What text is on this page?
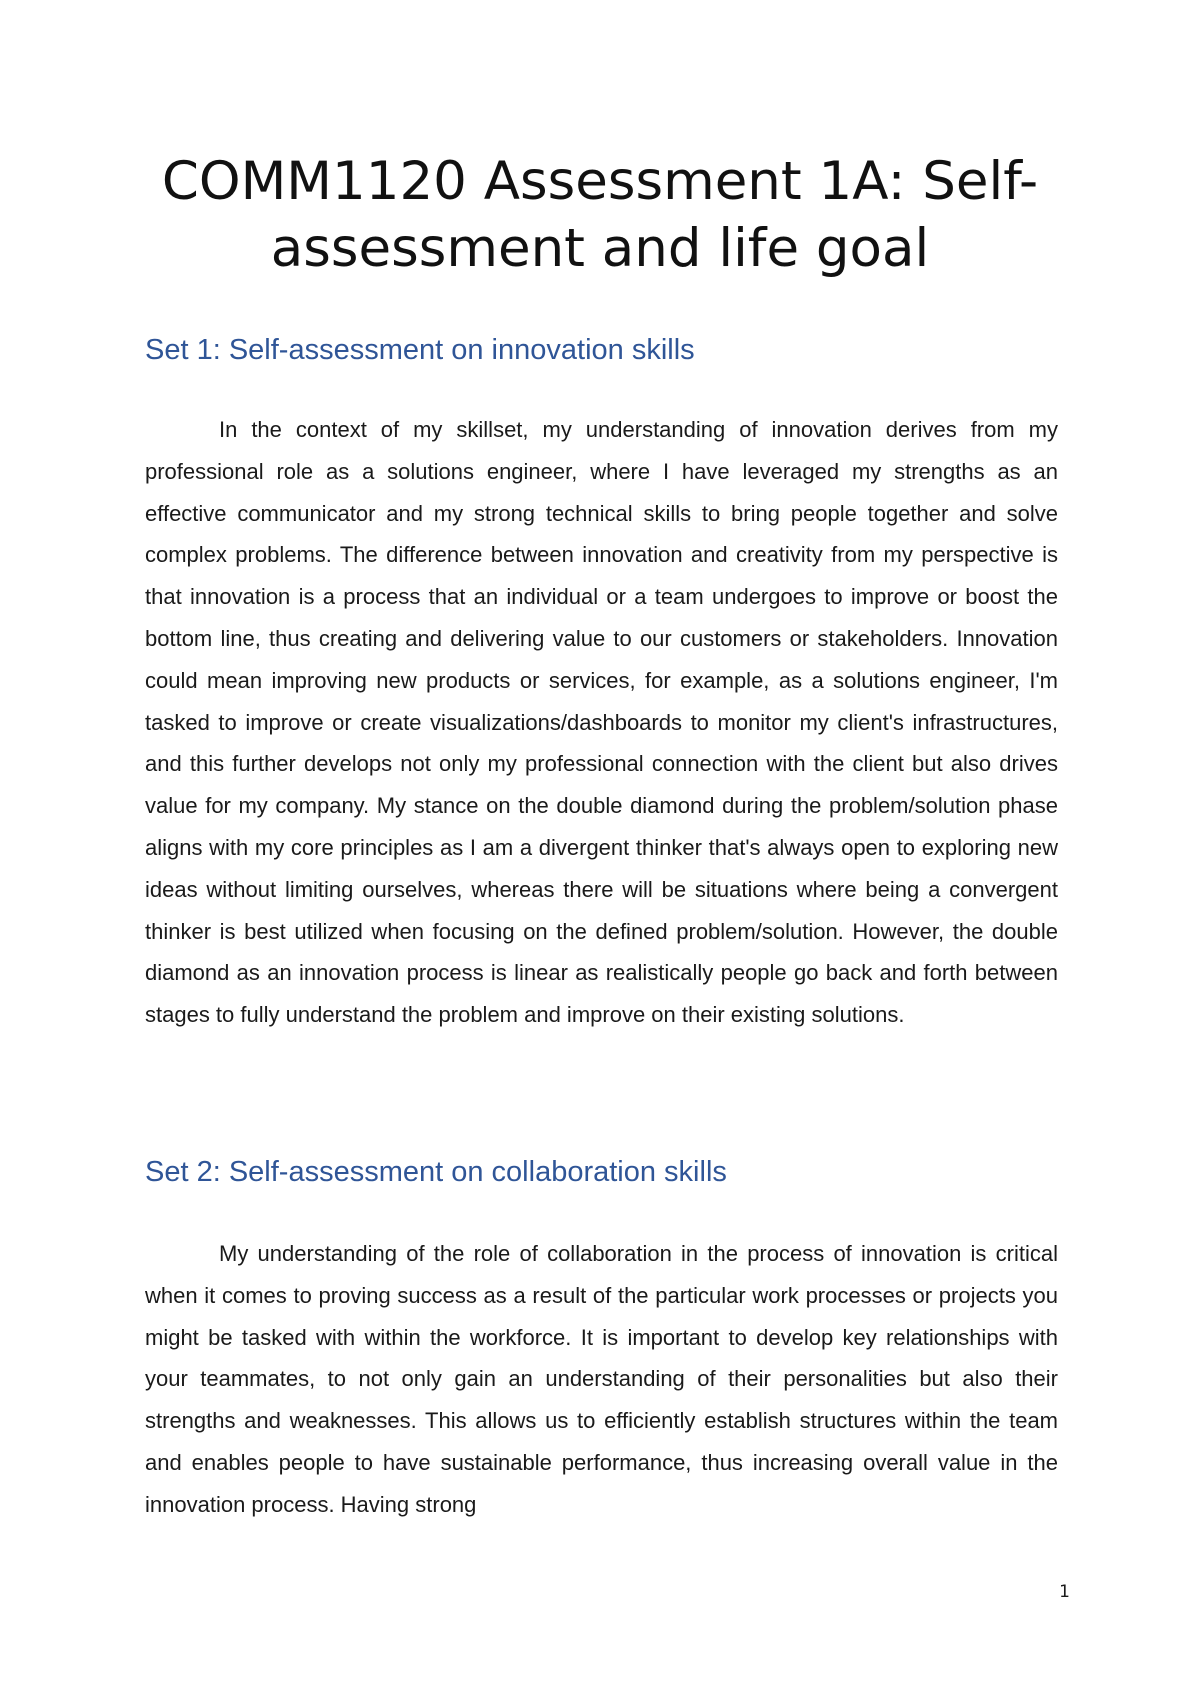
COMM1120 Assessment 1A: Self-assessment and life goal
Set 1: Self-assessment on innovation skills

In the context of my skillset, my understanding of innovation derives from my professional role as a solutions engineer, where I have leveraged my strengths as an effective communicator and my strong technical skills to bring people together and solve complex problems. The difference between innovation and creativity from my perspective is that innovation is a process that an individual or a team undergoes to improve or boost the bottom line, thus creating and delivering value to our customers or stakeholders. Innovation could mean improving new products or services, for example, as a solutions engineer, I'm tasked to improve or create visualizations/dashboards to monitor my client's infrastructures, and this further develops not only my professional connection with the client but also drives value for my company. My stance on the double diamond during the problem/solution phase aligns with my core principles as I am a divergent thinker that's always open to exploring new ideas without limiting ourselves, whereas there will be situations where being a convergent thinker is best utilized when focusing on the defined problem/solution. However, the double diamond as an innovation process is linear as realistically people go back and forth between stages to fully understand the problem and improve on their existing solutions.

Set 2: Self-assessment on collaboration skills

My understanding of the role of collaboration in the process of innovation is critical when it comes to proving success as a result of the particular work processes or projects you might be tasked with within the workforce. It is important to develop key relationships with your teammates, to not only gain an understanding of their personalities but also their strengths and weaknesses. This allows us to efficiently establish structures within the team and enables people to have sustainable performance, thus increasing overall value in the innovation process. Having strong

1
